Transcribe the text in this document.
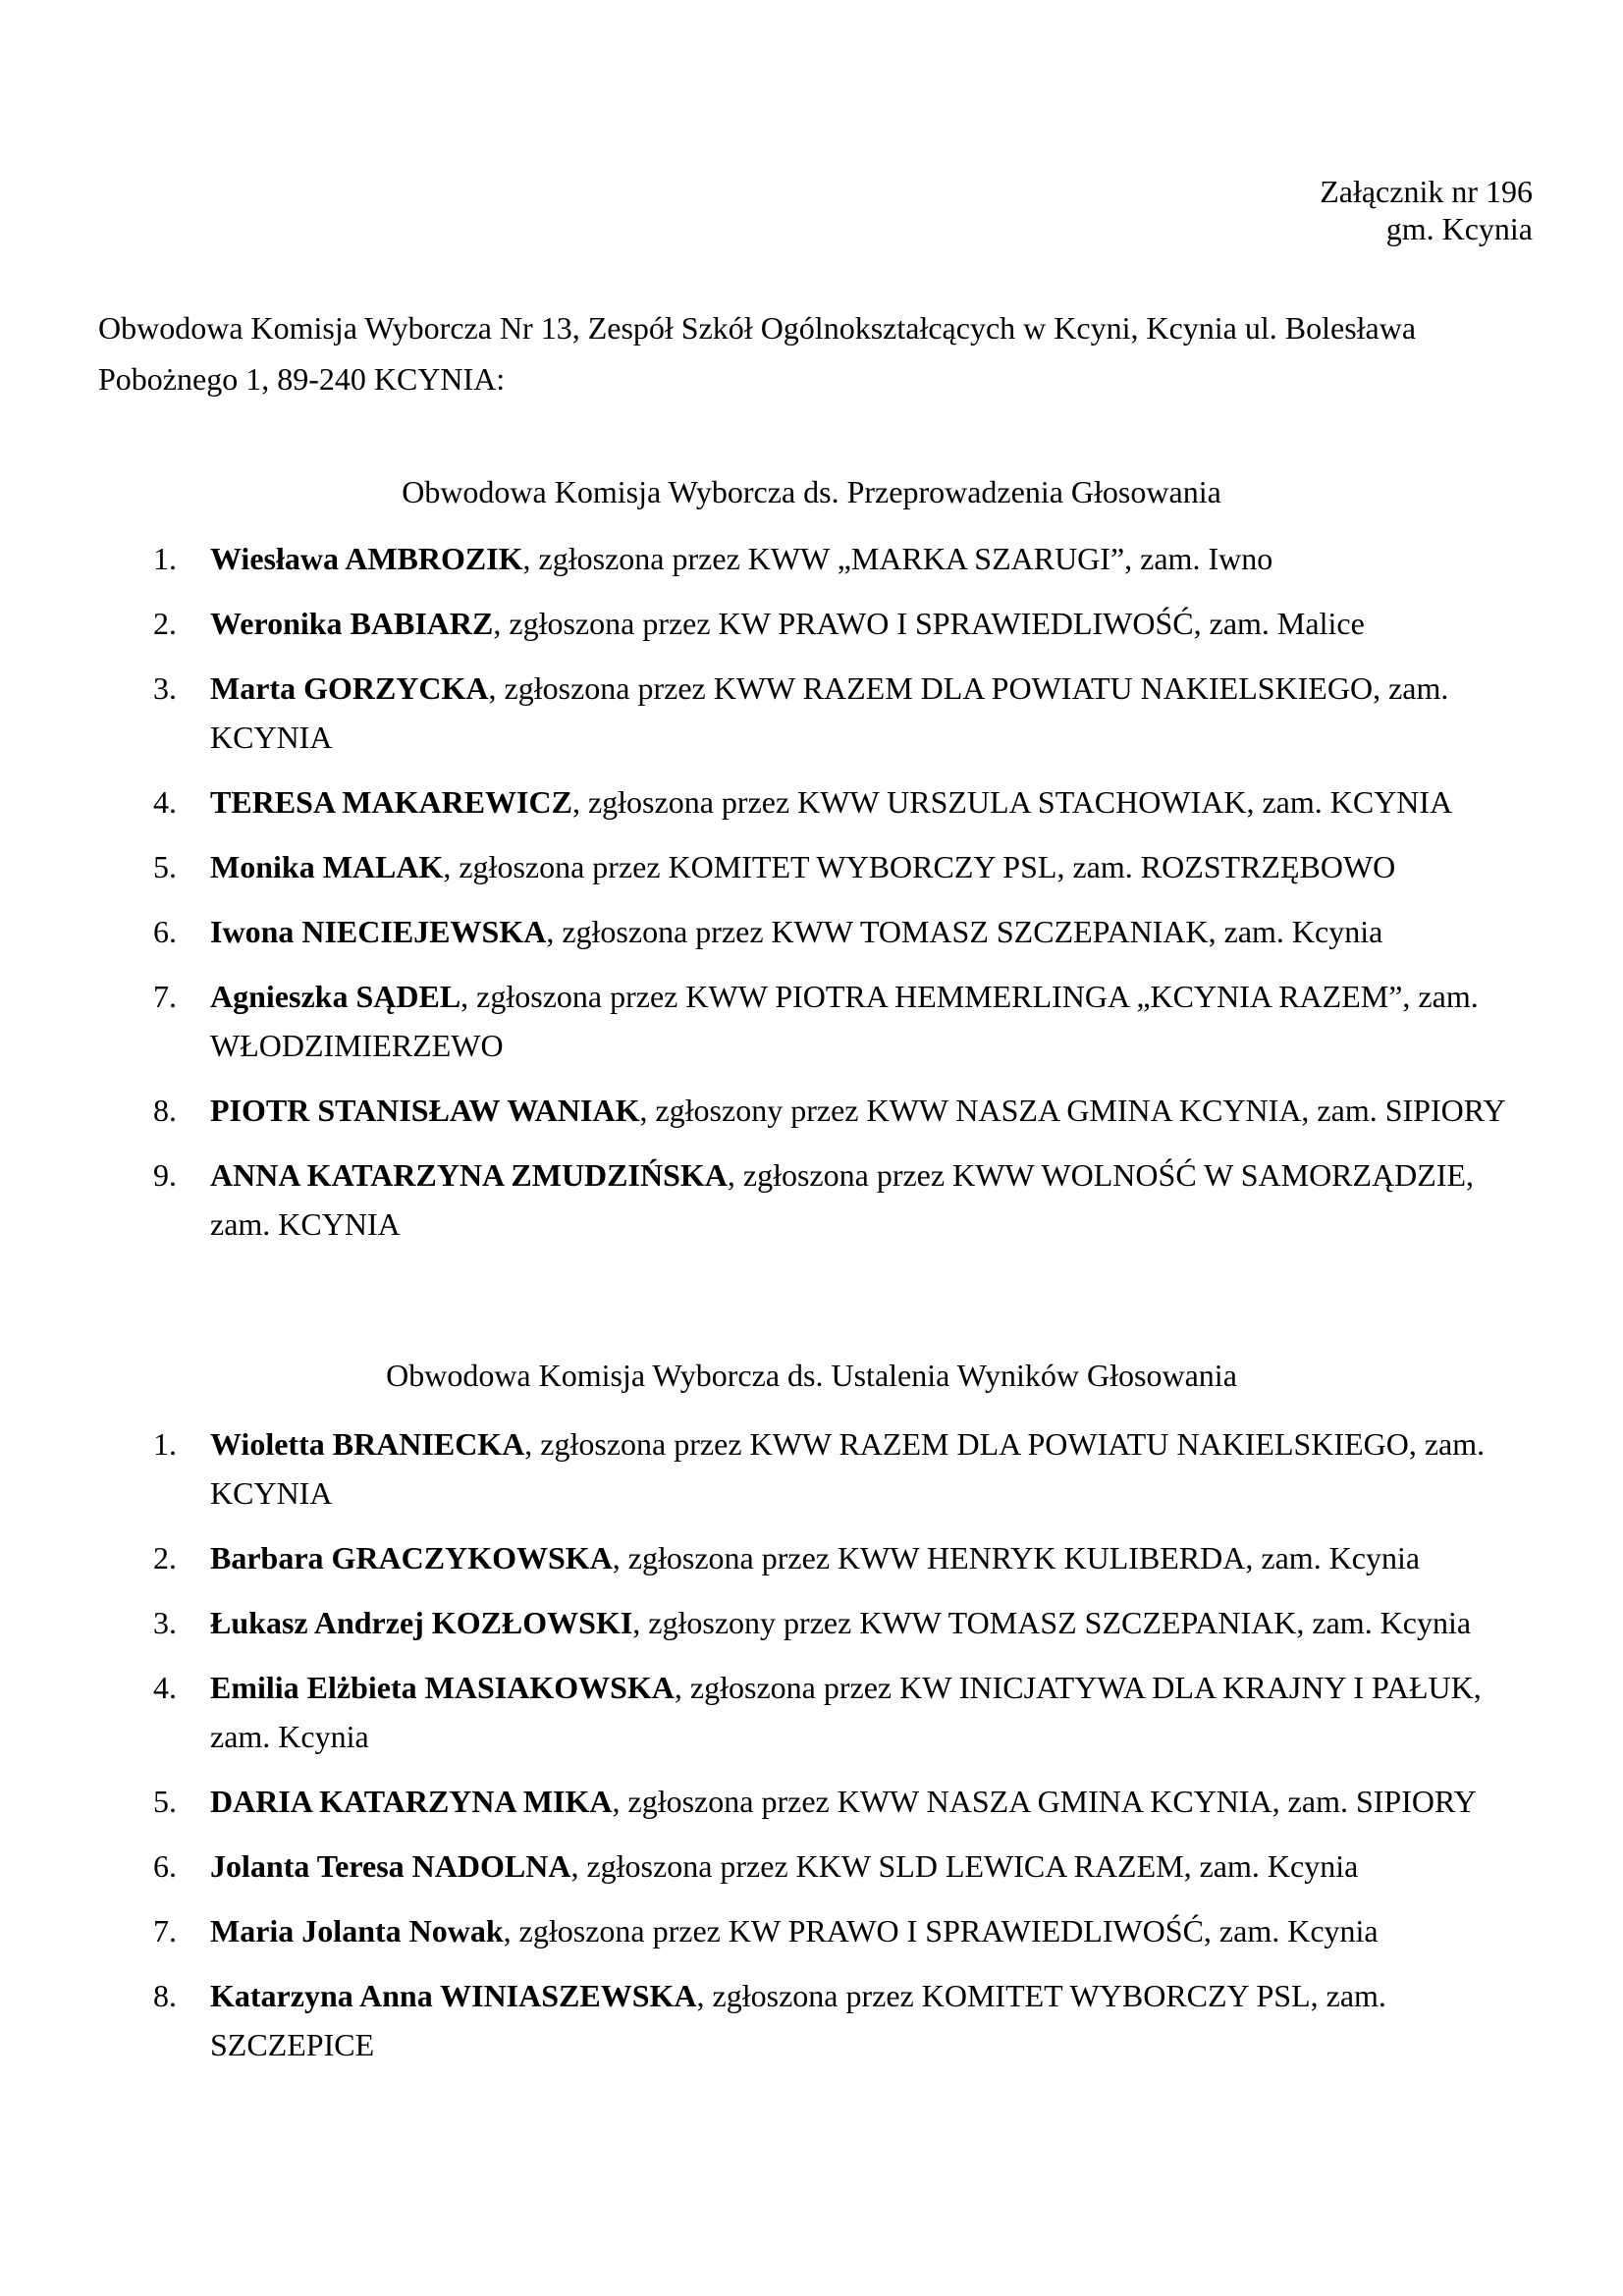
Załącznik nr 196
gm. Kcynia
Obwodowa Komisja Wyborcza Nr 13, Zespół Szkół Ogólnokształcących w Kcyni, Kcynia ul. Bolesława Pobożnego 1, 89-240 KCYNIA:
Obwodowa Komisja Wyborcza ds. Przeprowadzenia Głosowania
1. Wiesława AMBROZIK, zgłoszona przez KWW „MARKA SZARUGI”, zam. Iwno
2. Weronika BABIARZ, zgłoszona przez KW PRAWO I SPRAWIEDLIWOŚĆ, zam. Malice
3. Marta GORZYCKA, zgłoszona przez KWW RAZEM DLA POWIATU NAKIELSKIEGO, zam. KCYNIA
4. TERESA MAKAREWICZ, zgłoszona przez KWW URSZULA STACHOWIAK, zam. KCYNIA
5. Monika MALAK, zgłoszona przez KOMITET WYBORCZY PSL, zam. ROZSTRZĘBOWO
6. Iwona NIECIEJEWSKA, zgłoszona przez KWW TOMASZ SZCZEPANIAK, zam. Kcynia
7. Agnieszka SĄDEL, zgłoszona przez KWW PIOTRA HEMMERLINGA „KCYNIA RAZEM”, zam. WŁODZIMIERZEWO
8. PIOTR STANISŁAW WANIAK, zgłoszony przez KWW NASZA GMINA KCYNIA, zam. SIPIORY
9. ANNA KATARZYNA ZMUDZIŃSKA, zgłoszona przez KWW WOLNOŚĆ W SAMORZĄDZIE, zam. KCYNIA
Obwodowa Komisja Wyborcza ds. Ustalenia Wyników Głosowania
1. Wioletta BRANIECKA, zgłoszona przez KWW RAZEM DLA POWIATU NAKIELSKIEGO, zam. KCYNIA
2. Barbara GRACZYKOWSKA, zgłoszona przez KWW HENRYK KULIBERDA, zam. Kcynia
3. Łukasz Andrzej KOZŁOWSKI, zgłoszony przez KWW TOMASZ SZCZEPANIAK, zam. Kcynia
4. Emilia Elżbieta MASIAKOWSKA, zgłoszona przez KW INICJATYWA DLA KRAJNY I PAŁUK, zam. Kcynia
5. DARIA KATARZYNA MIKA, zgłoszona przez KWW NASZA GMINA KCYNIA, zam. SIPIORY
6. Jolanta Teresa NADOLNA, zgłoszona przez KKW SLD LEWICA RAZEM, zam. Kcynia
7. Maria Jolanta Nowak, zgłoszona przez KW PRAWO I SPRAWIEDLIWOŚĆ, zam. Kcynia
8. Katarzyna Anna WINIASZEWSKA, zgłoszona przez KOMITET WYBORCZY PSL, zam. SZCZEPICE
